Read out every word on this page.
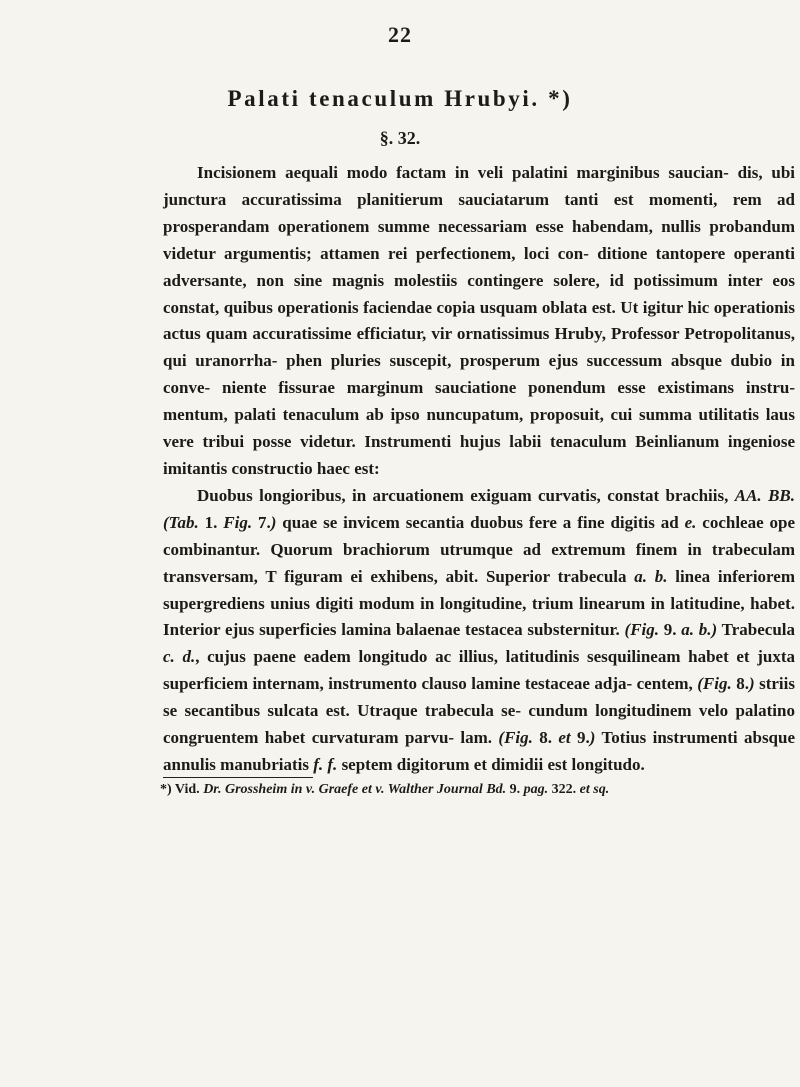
22
Palati tenaculum Hrubyi. *)
§. 32.

Incisionem aequali modo factam in veli palatini marginibus saucian- dis, ubi junctura accuratissima planitierum sauciatarum tanti est momenti, rem ad prosperandam operationem summe necessariam esse habendam, nullis probandum videtur argumentis; attamen rei perfectionem, loci con- ditione tantopere operanti adversante, non sine magnis molestiis contingere solere, id potissimum inter eos constat, quibus operationis faciendae copia usquam oblata est. Ut igitur hic operationis actus quam accuratissime efficiatur, vir ornatissimus Hruby, Professor Petropolitanus, qui uranorrha- phen pluries suscepit, prosperum ejus successum absque dubio in conve- niente fissurae marginum sauciatione ponendum esse existimans instru- mentum, palati tenaculum ab ipso nuncupatum, proposuit, cui summa utilitatis laus vere tribui posse videtur. Instrumenti hujus labii tenaculum Beinlianum ingeniose imitantis constructio haec est:

Duobus longioribus, in arcuationem exiguam curvatis, constat brachiis, AA. BB. (Tab. 1. Fig. 7.) quae se invicem secantia duobus fere a fine digitis ad e. cochleae ope combinantur. Quorum brachiorum utrumque ad extremum finem in trabeculam transversam, T figuram ei exhibens, abit. Superior trabecula a. b. linea inferiorem supergrediens unius digiti modum in longitudine, trium linearum in latitudine, habet. Interior ejus superficies lamina balaenae testacea substernitur. (Fig. 9. a. b.) Trabecula c. d., cujus paene eadem longitudo ac illius, latitudinis sesquilineam habet et juxta superficiem internam, instrumento clauso lamine testaceae adja- centem, (Fig. 8.) striis se secantibus sulcata est. Utraque trabecula se- cundum longitudinem velo palatino congruentem habet curvaturam parvu- lam. (Fig. 8. et 9.) Totius instrumenti absque annulis manubriatis f. f. septem digitorum et dimidii est longitudo.

*) Vid. Dr. Grossheim in v. Graefe et v. Walther Journal Bd. 9. pag. 322. et sq.
